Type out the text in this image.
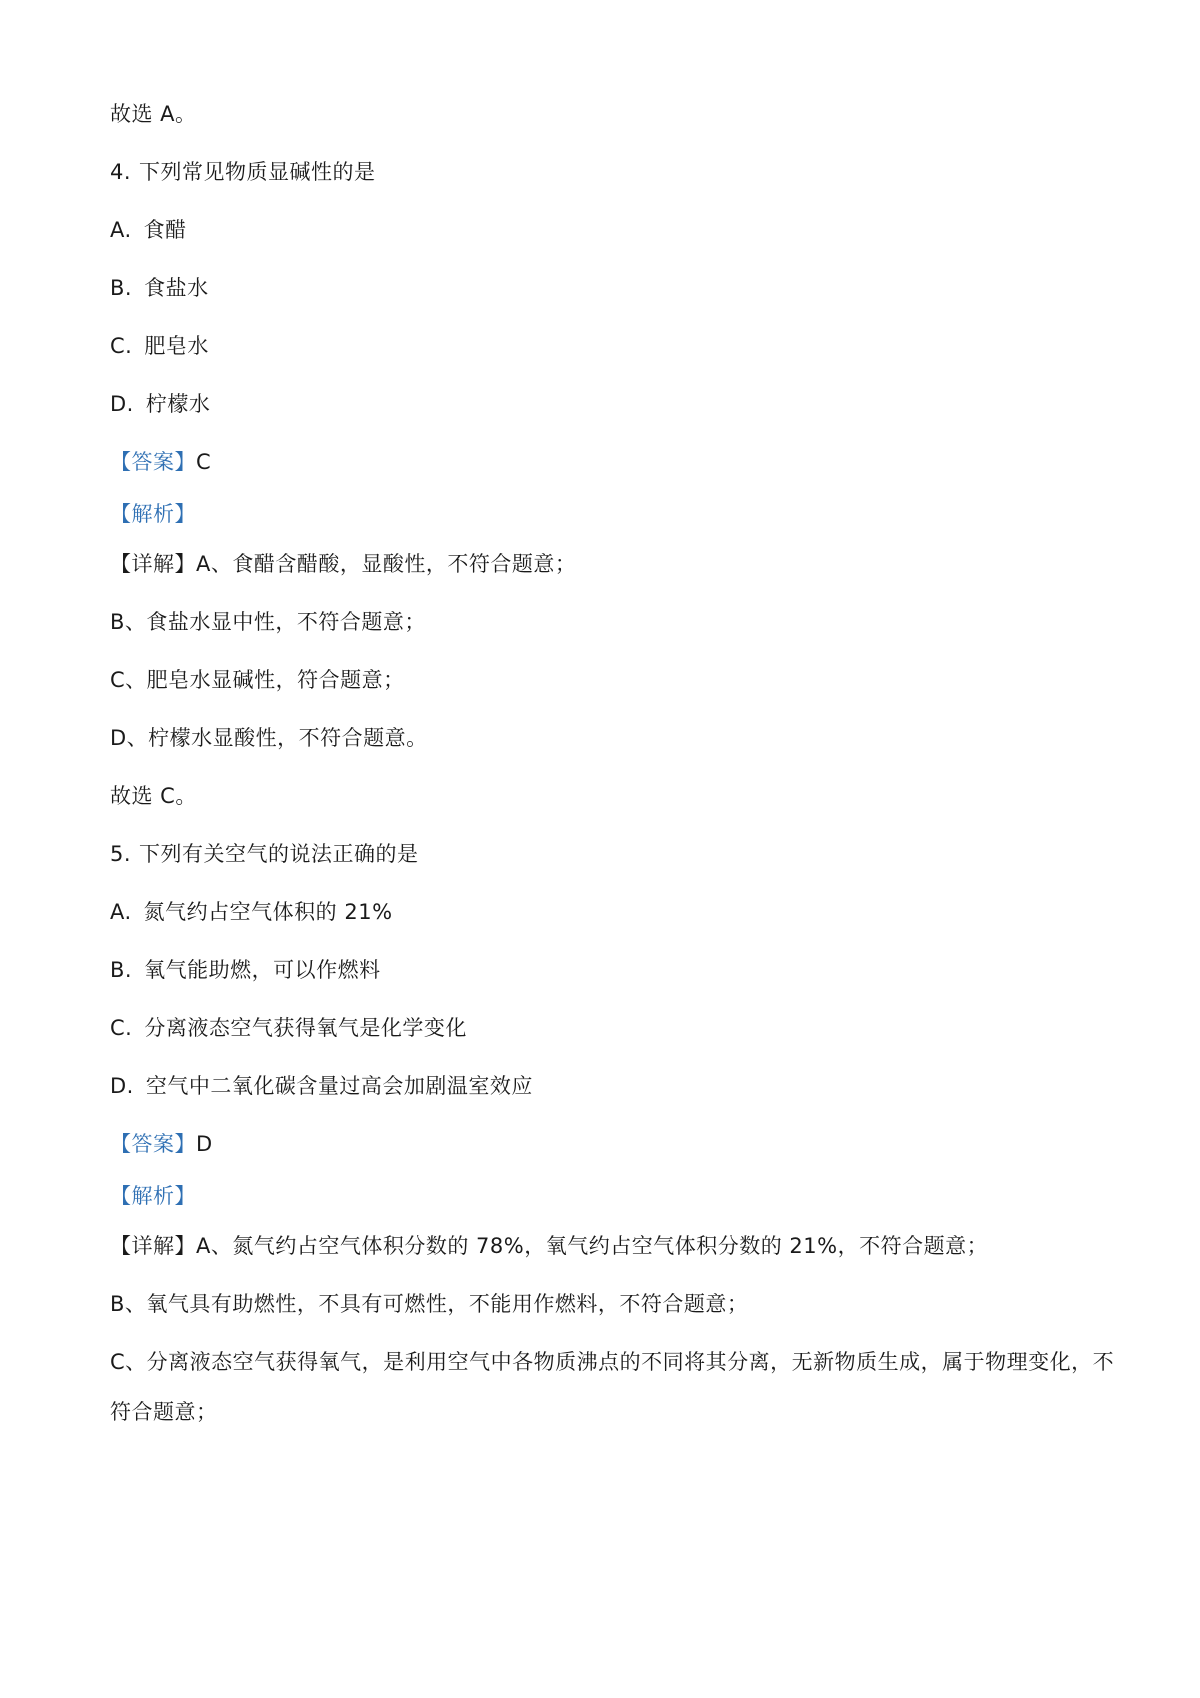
故选 A。
4. 下列常见物质显碱性的是
A. 食醋
B. 食盐水
C. 肥皂水
D. 柠檬水
【答案】C
【解析】
【详解】A、食醋含醋酸，显酸性，不符合题意；
B、食盐水显中性，不符合题意；
C、肥皂水显碱性，符合题意；
D、柠檬水显酸性，不符合题意。
故选 C。
5. 下列有关空气的说法正确的是
A. 氮气约占空气体积的 21%
B. 氧气能助燃，可以作燃料
C. 分离液态空气获得氧气是化学变化
D. 空气中二氧化碳含量过高会加剧温室效应
【答案】D
【解析】
【详解】A、氮气约占空气体积分数的 78%，氧气约占空气体积分数的 21%，不符合题意；
B、氧气具有助燃性，不具有可燃性，不能用作燃料，不符合题意；
C、分离液态空气获得氧气，是利用空气中各物质沸点的不同将其分离，无新物质生成，属于物理变化，不
符合题意；
